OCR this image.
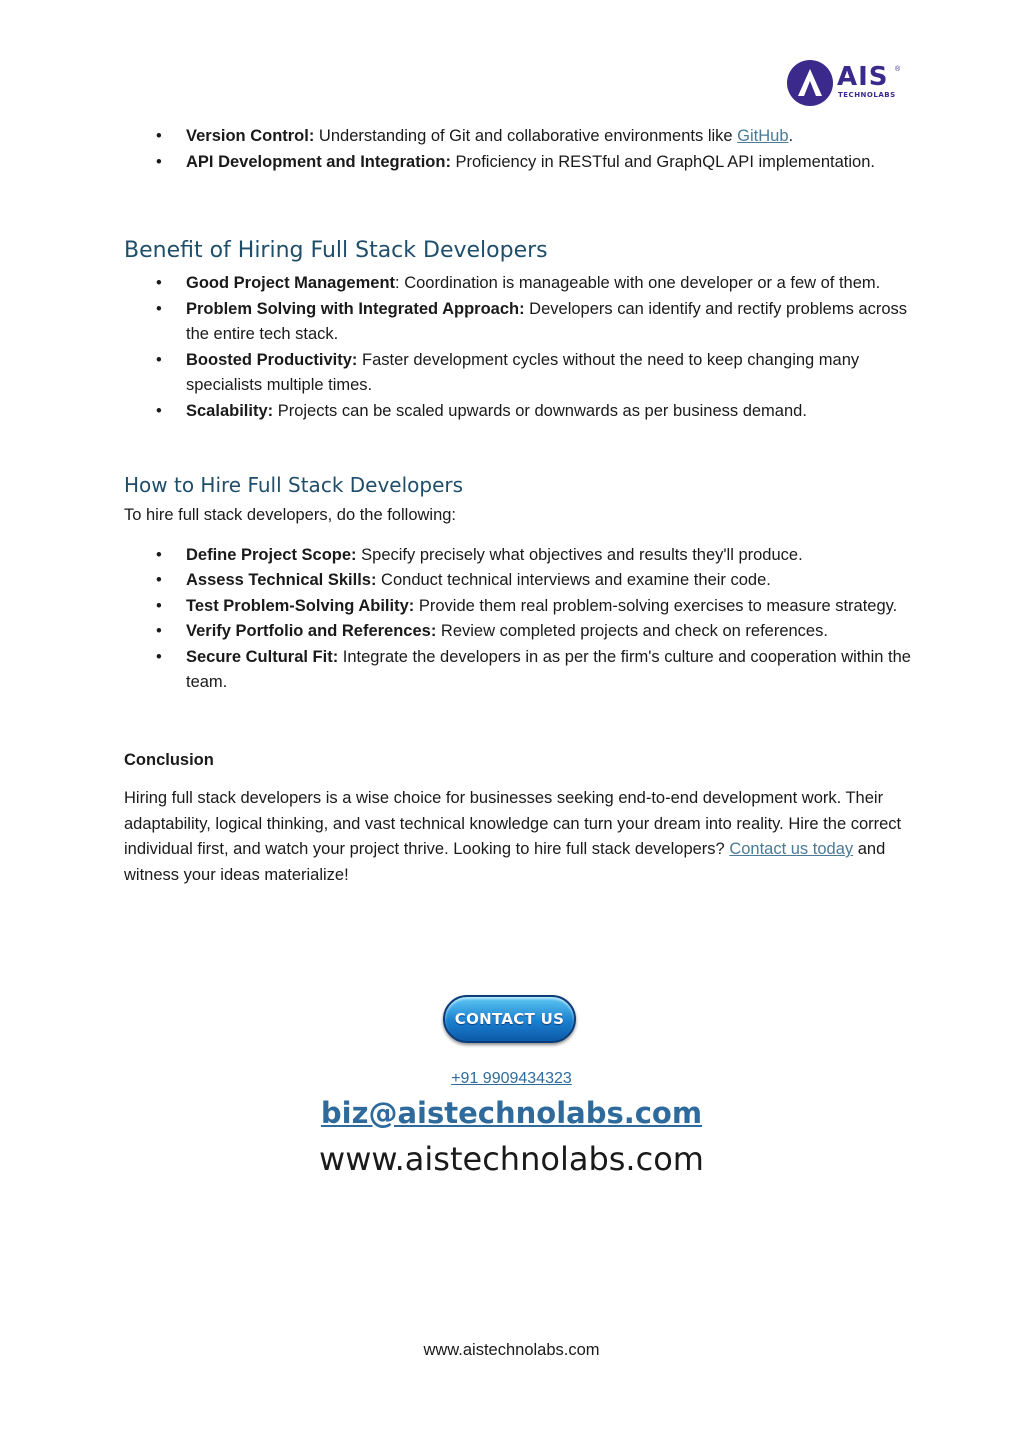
AIS ®
TECHNOLABS
• Version Control: Understanding of Git and collaborative environments like GitHub.
• API Development and Integration: Proficiency in RESTful and GraphQL API implementation.
Benefit of Hiring Full Stack Developers
• Good Project Management: Coordination is manageable with one developer or a few of them.
• Problem Solving with Integrated Approach: Developers can identify and rectify problems across the entire tech stack.
• Boosted Productivity: Faster development cycles without the need to keep changing many specialists multiple times.
• Scalability: Projects can be scaled upwards or downwards as per business demand.
How to Hire Full Stack Developers

To hire full stack developers, do the following:

• Define Project Scope: Specify precisely what objectives and results they'll produce.
• Assess Technical Skills: Conduct technical interviews and examine their code.
• Test Problem-Solving Ability: Provide them real problem-solving exercises to measure strategy.
• Verify Portfolio and References: Review completed projects and check on references.
• Secure Cultural Fit: Integrate the developers in as per the firm's culture and cooperation within the team.
Conclusion

Hiring full stack developers is a wise choice for businesses seeking end-to-end development work. Their adaptability, logical thinking, and vast technical knowledge can turn your dream into reality. Hire the correct individual first, and watch your project thrive. Looking to hire full stack developers? Contact us today and witness your ideas materialize!

CONTACT US
+91 9909434323
biz@aistechnolabs.com
www.aistechnolabs.com
www.aistechnolabs.com
